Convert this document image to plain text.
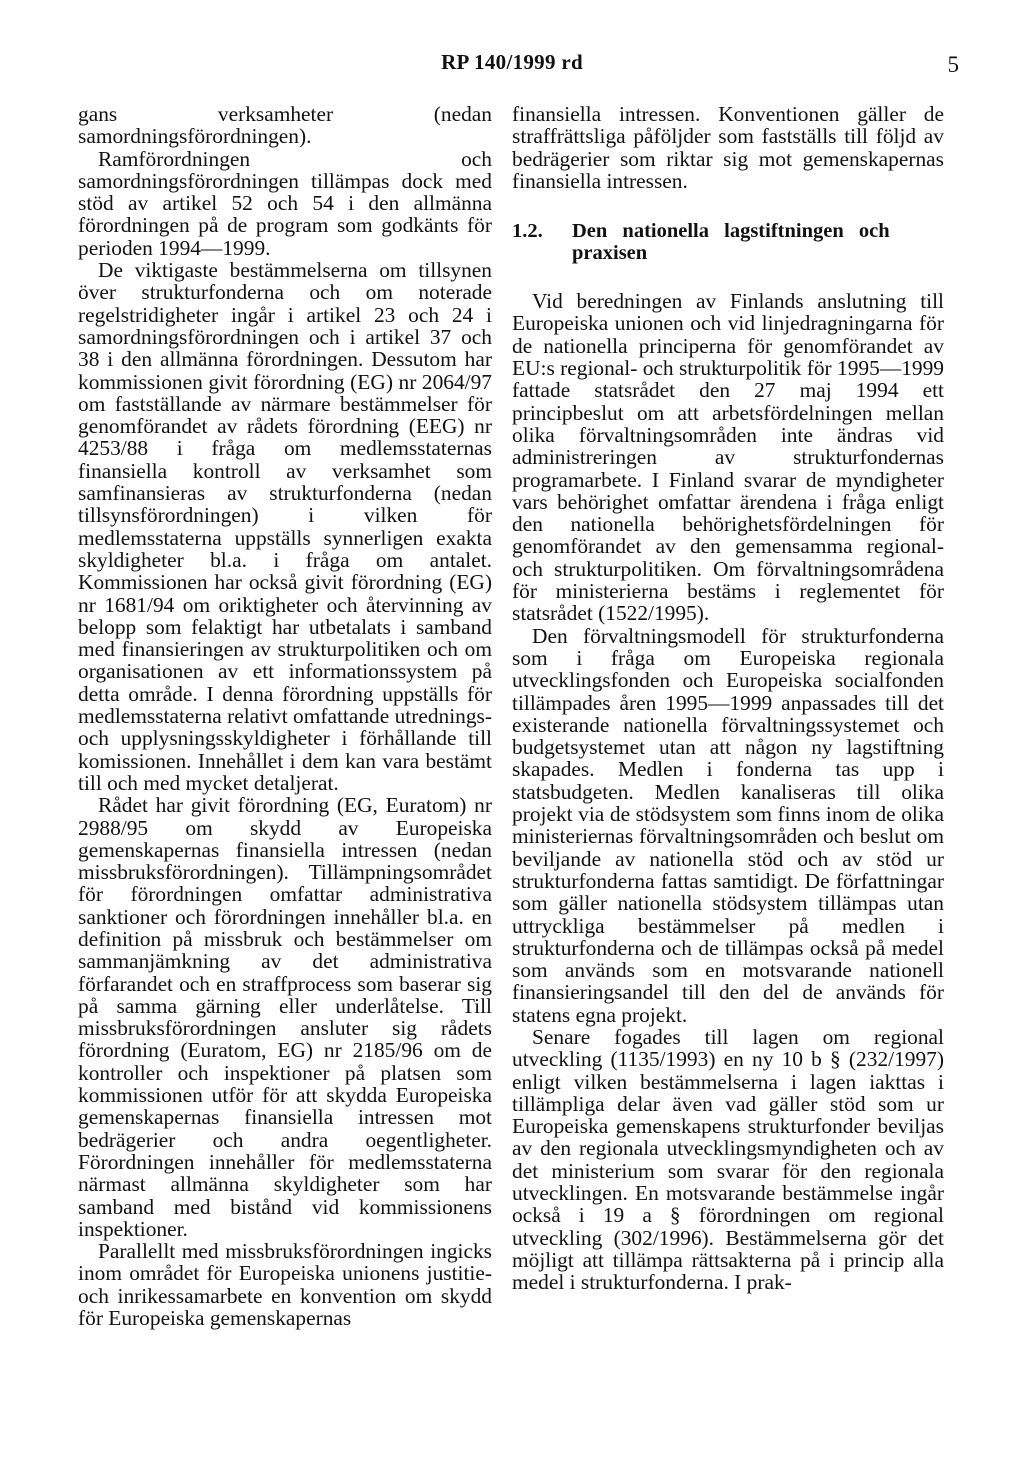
RP 140/1999 rd	5

gans verksamheter (nedan samordningsförordningen).

Ramförordningen och samordningsförordningen tillämpas dock med stöd av artikel 52 och 54 i den allmänna förordningen på de program som godkänts för perioden 1994—1999.

De viktigaste bestämmelserna om tillsynen över strukturfonderna och om noterade regelstridigheter ingår i artikel 23 och 24 i samordningsförordningen och i artikel 37 och 38 i den allmänna förordningen. Dessutom har kommissionen givit förordning (EG) nr 2064/97 om fastställande av närmare bestämmelser för genomförandet av rådets förordning (EEG) nr 4253/88 i fråga om medlemsstaternas finansiella kontroll av verksamhet som samfinansieras av strukturfonderna (nedan tillsynsförordningen) i vilken för medlemsstaterna uppställs synnerligen exakta skyldigheter bl.a. i fråga om antalet. Kommissionen har också givit förordning (EG) nr 1681/94 om oriktigheter och återvinning av belopp som felaktigt har utbetalats i samband med finansieringen av strukturpolitiken och om organisationen av ett informationssystem på detta område. I denna förordning uppställs för medlemsstaterna relativt omfattande utrednings- och upplysningsskyldigheter i förhållande till komissionen. Innehållet i dem kan vara bestämt till och med mycket detaljerat.

Rådet har givit förordning (EG, Euratom) nr 2988/95 om skydd av Europeiska gemenskapernas finansiella intressen (nedan missbruksförordningen). Tillämpningsområdet för förordningen omfattar administrativa sanktioner och förordningen innehåller bl.a. en definition på missbruk och bestämmelser om sammanjämkning av det administrativa förfarandet och en straffprocess som baserar sig på samma gärning eller underlåtelse. Till missbruksförordningen ansluter sig rådets förordning (Euratom, EG) nr 2185/96 om de kontroller och inspektioner på platsen som kommissionen utför för att skydda Europeiska gemenskapernas finansiella intressen mot bedrägerier och andra oegentligheter. Förordningen innehåller för medlemsstaterna närmast allmänna skyldigheter som har samband med bistånd vid kommissionens inspektioner.

Parallellt med missbruksförordningen ingicks inom området för Europeiska unionens justitie- och inrikessamarbete en konvention om skydd för Europeiska gemenskapernas

finansiella intressen. Konventionen gäller de straffrättsliga påföljder som fastställs till följd av bedrägerier som riktar sig mot gemenskapernas finansiella intressen.

1.2.	Den nationella lagstiftningen och praxisen

Vid beredningen av Finlands anslutning till Europeiska unionen och vid linjedragningarna för de nationella principerna för genomförandet av EU:s regional- och strukturpolitik för 1995—1999 fattade statsrådet den 27 maj 1994 ett principbeslut om att arbetsfördelningen mellan olika förvaltningsområden inte ändras vid administreringen av strukturfondernas programarbete. I Finland svarar de myndigheter vars behörighet omfattar ärendena i fråga enligt den nationella behörighetsfördelningen för genomförandet av den gemensamma regional- och strukturpolitiken. Om förvaltningsområdena för ministerierna bestäms i reglementet för statsrådet (1522/1995).

Den förvaltningsmodell för strukturfonderna som i fråga om Europeiska regionala utvecklingsfonden och Europeiska socialfonden tillämpades åren 1995—1999 anpassades till det existerande nationella förvaltningssystemet och budgetsystemet utan att någon ny lagstiftning skapades. Medlen i fonderna tas upp i statsbudgeten. Medlen kanaliseras till olika projekt via de stödsystem som finns inom de olika ministeriernas förvaltningsområden och beslut om beviljande av nationella stöd och av stöd ur strukturfonderna fattas samtidigt. De författningar som gäller nationella stödsystem tillämpas utan uttryckliga bestämmelser på medlen i strukturfonderna och de tillämpas också på medel som används som en motsvarande nationell finansieringsandel till den del de används för statens egna projekt.

Senare fogades till lagen om regional utveckling (1135/1993) en ny 10 b § (232/1997) enligt vilken bestämmelserna i lagen iakttas i tillämpliga delar även vad gäller stöd som ur Europeiska gemenskapens strukturfonder beviljas av den regionala utvecklingsmyndigheten och av det ministerium som svarar för den regionala utvecklingen. En motsvarande bestämmelse ingår också i 19 a § förordningen om regional utveckling (302/1996). Bestämmelserna gör det möjligt att tillämpa rättsakterna på i princip alla medel i strukturfonderna. I prak-
